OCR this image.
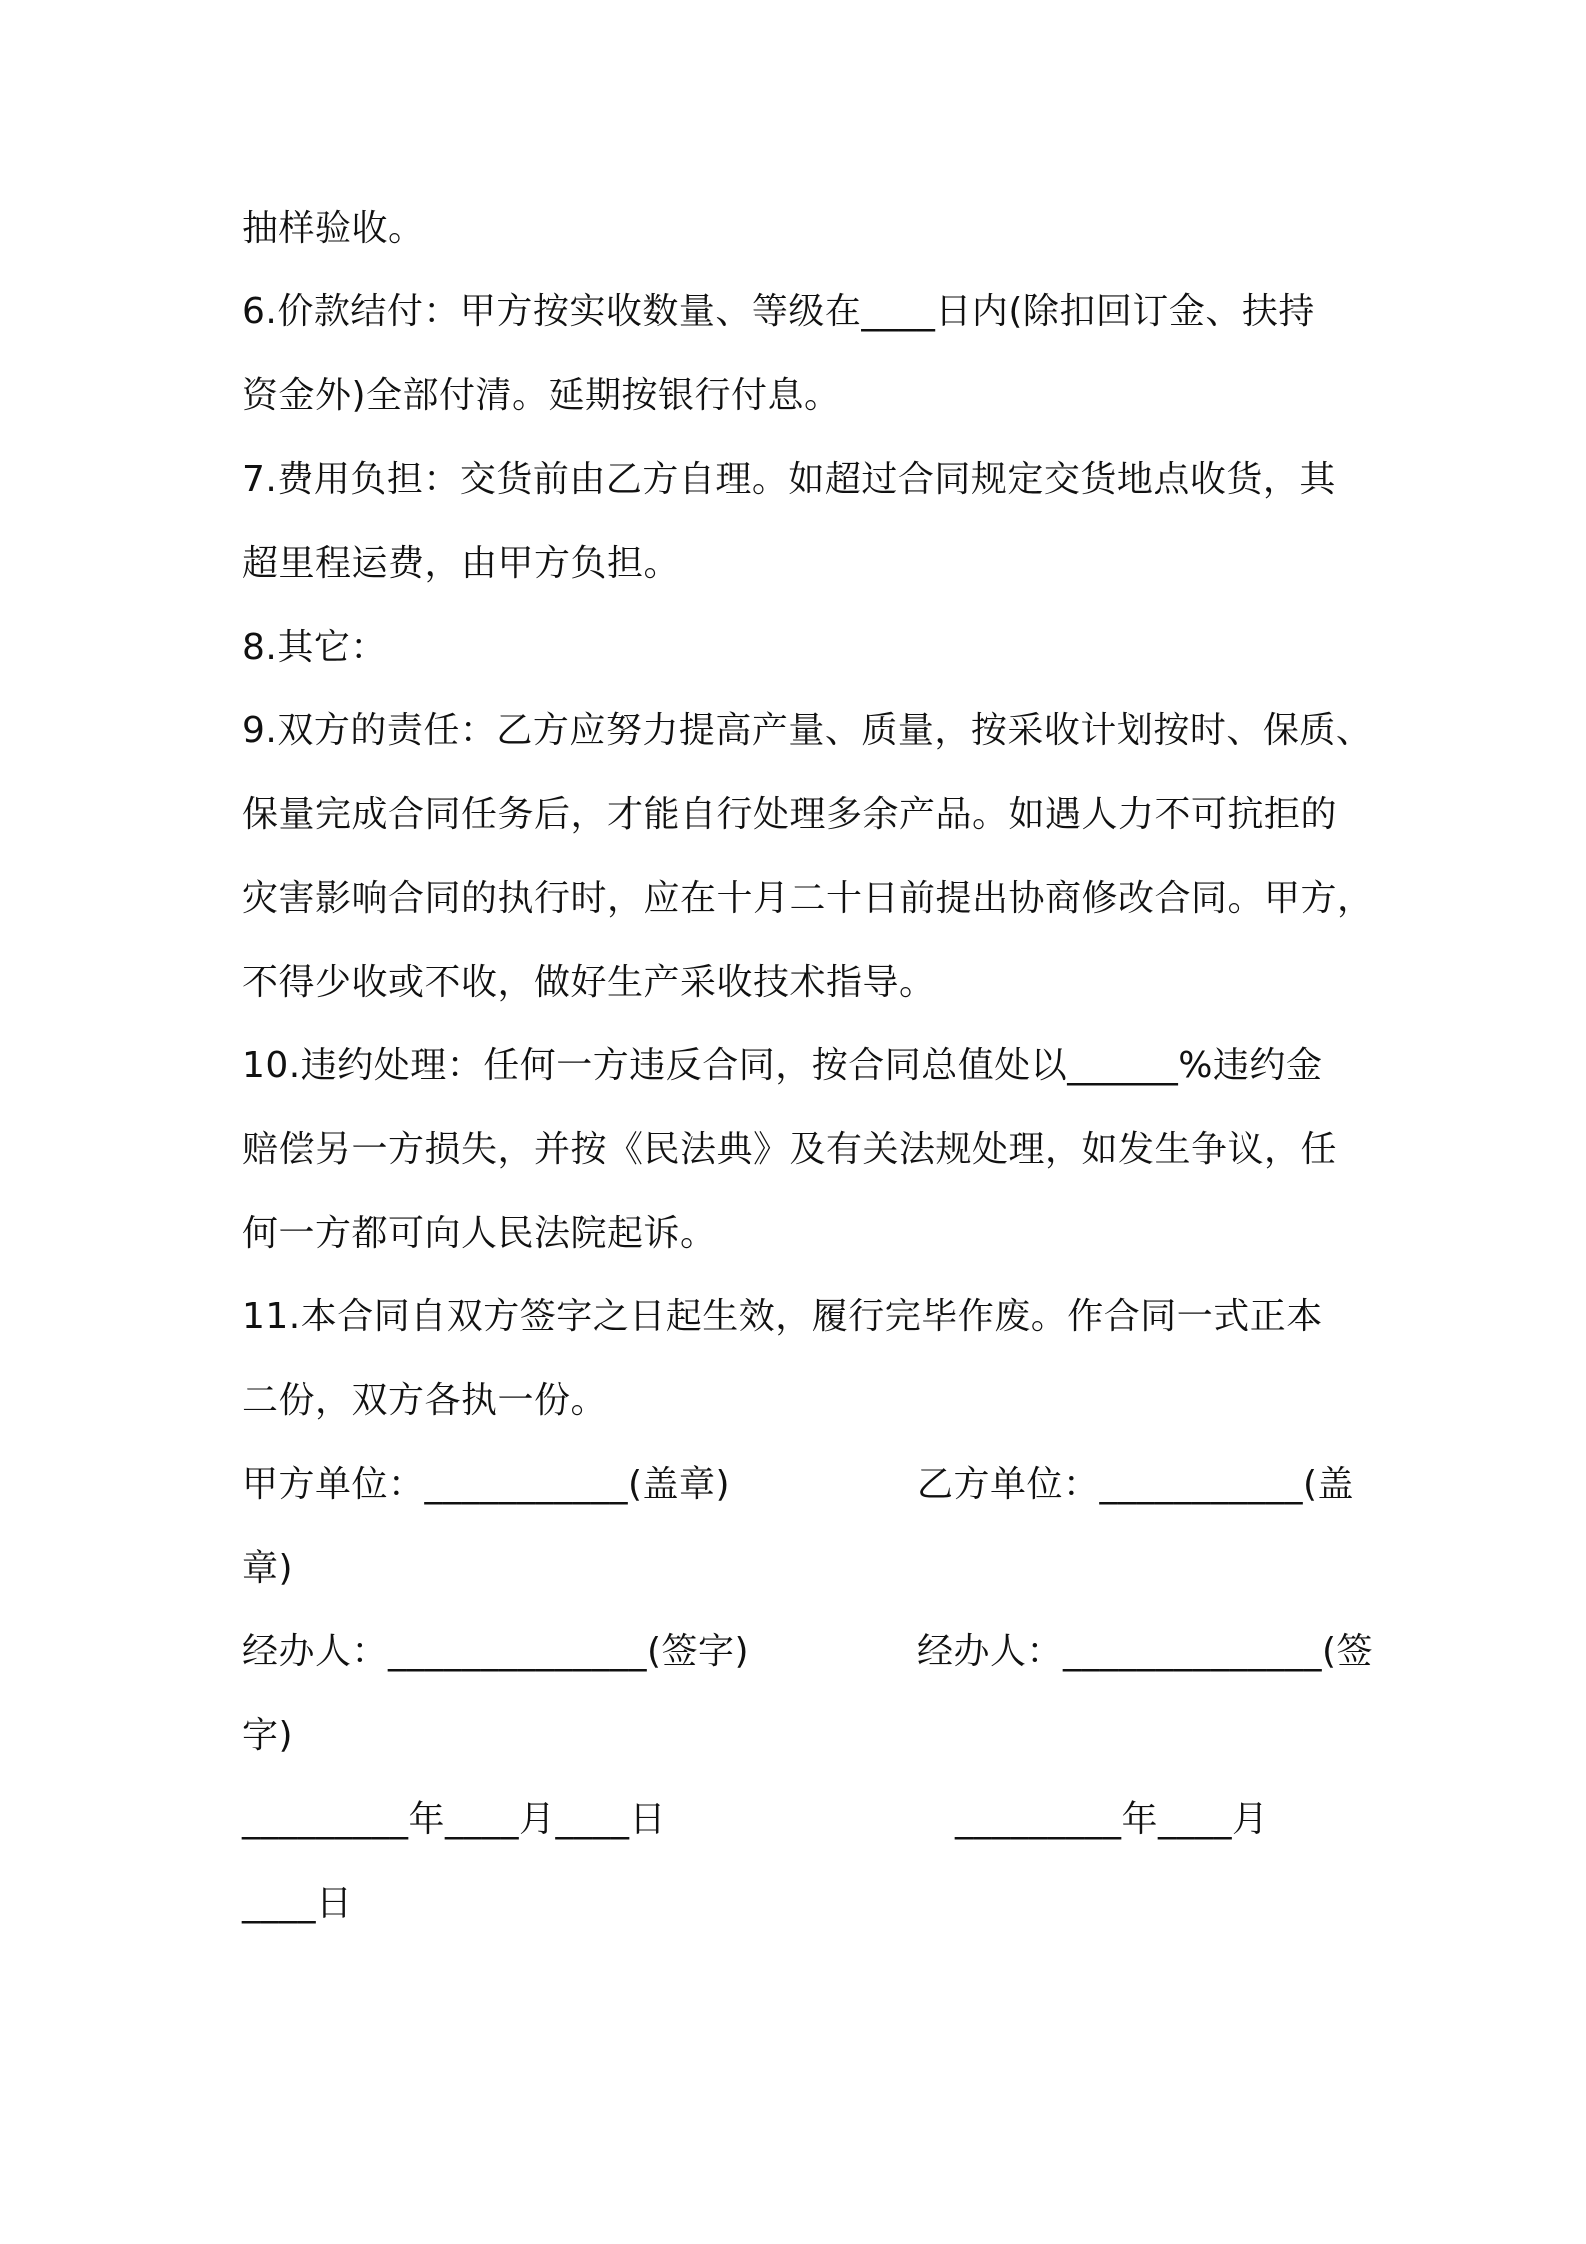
抽样验收。
6.价款结付：甲方按实收数量、等级在____日内(除扣回订金、扶持
资金外)全部付清。延期按银行付息。
7.费用负担：交货前由乙方自理。如超过合同规定交货地点收货，其
超里程运费，由甲方负担。
8.其它：
9.双方的责任：乙方应努力提高产量、质量，按采收计划按时、保质、
保量完成合同任务后，才能自行处理多余产品。如遇人力不可抗拒的
灾害影响合同的执行时，应在十月二十日前提出协商修改合同。甲方，
不得少收或不收，做好生产采收技术指导。
10.违约处理：任何一方违反合同，按合同总值处以______%违约金
赔偿另一方损失，并按《民法典》及有关法规处理，如发生争议，任
何一方都可向人民法院起诉。
11.本合同自双方签字之日起生效，履行完毕作废。作合同一式正本
二份，双方各执一份。
甲方单位：___________(盖章)	乙方单位：___________(盖
章)
经办人：______________(签字)	经办人：______________(签
字)
_________年____月____日	_________年____月
____日
